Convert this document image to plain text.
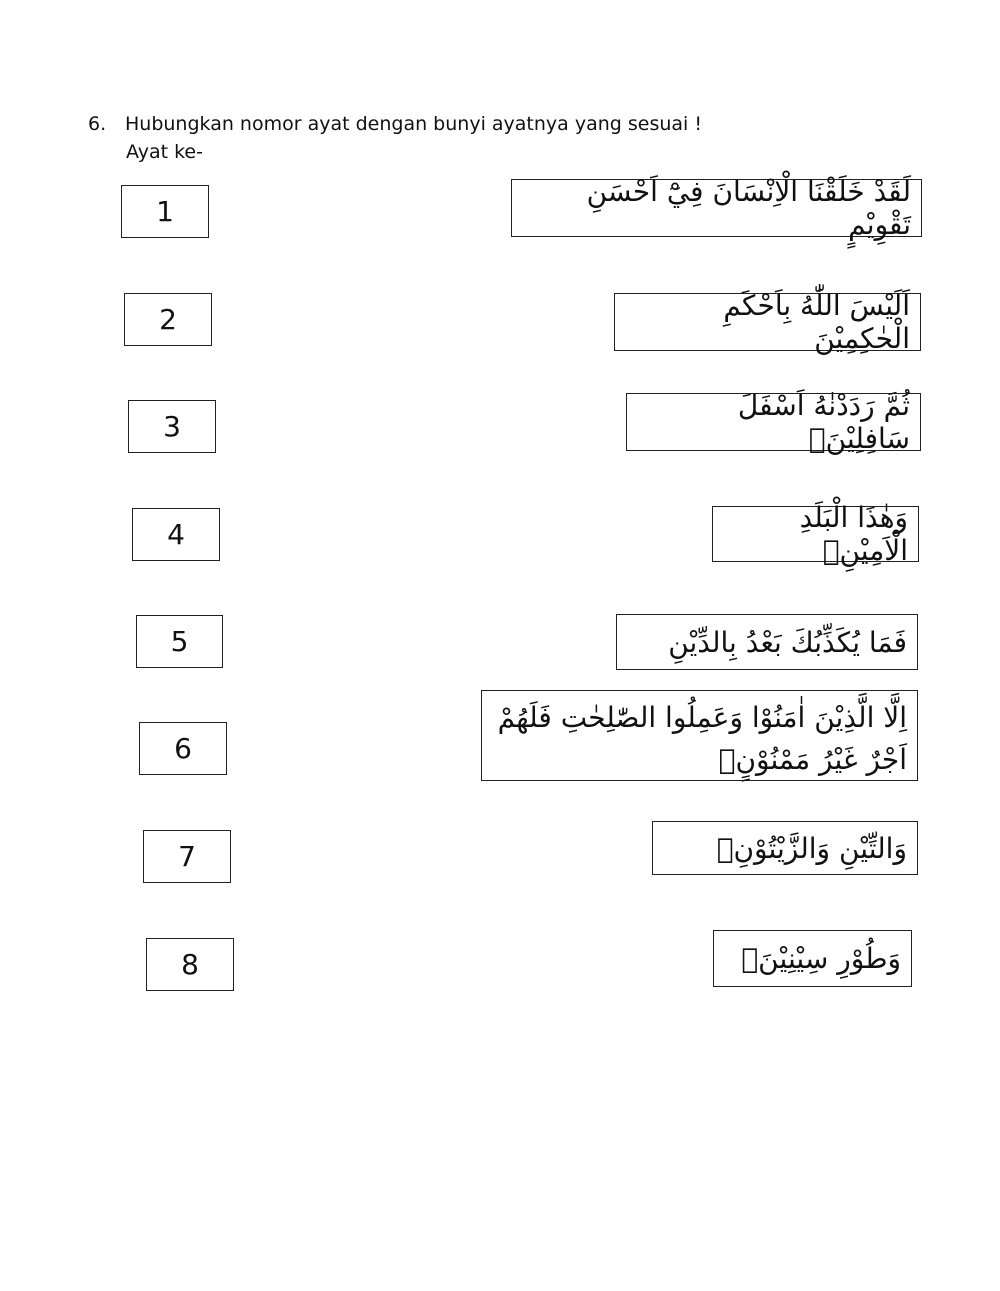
6. Hubungkan nomor ayat dengan bunyi ayatnya yang sesuai !
Ayat ke-
1
2
3
4
5
6
7
8
لَقَدْ خَلَقْنَا الْاِنْسَانَ فِيْٓ اَحْسَنِ تَقْوِيْمٍ
اَلَيْسَ اللّٰهُ بِاَحْكَمِ الْحٰكِمِيْنَ
ثُمَّ رَدَدْنٰهُ اَسْفَلَ سَافِلِيْنَۙ
وَهٰذَا الْبَلَدِ الْاَمِيْنِۙ
فَمَا يُكَذِّبُكَ بَعْدُ بِالدِّيْنِ
اِلَّا الَّذِيْنَ اٰمَنُوْا وَعَمِلُوا الصّٰلِحٰتِ فَلَهُمْ اَجْرٌ غَيْرُ مَمْنُوْنٍۗ
وَالتِّيْنِ وَالزَّيْتُوْنِۙ
وَطُوْرِ سِيْنِيْنَۙ
